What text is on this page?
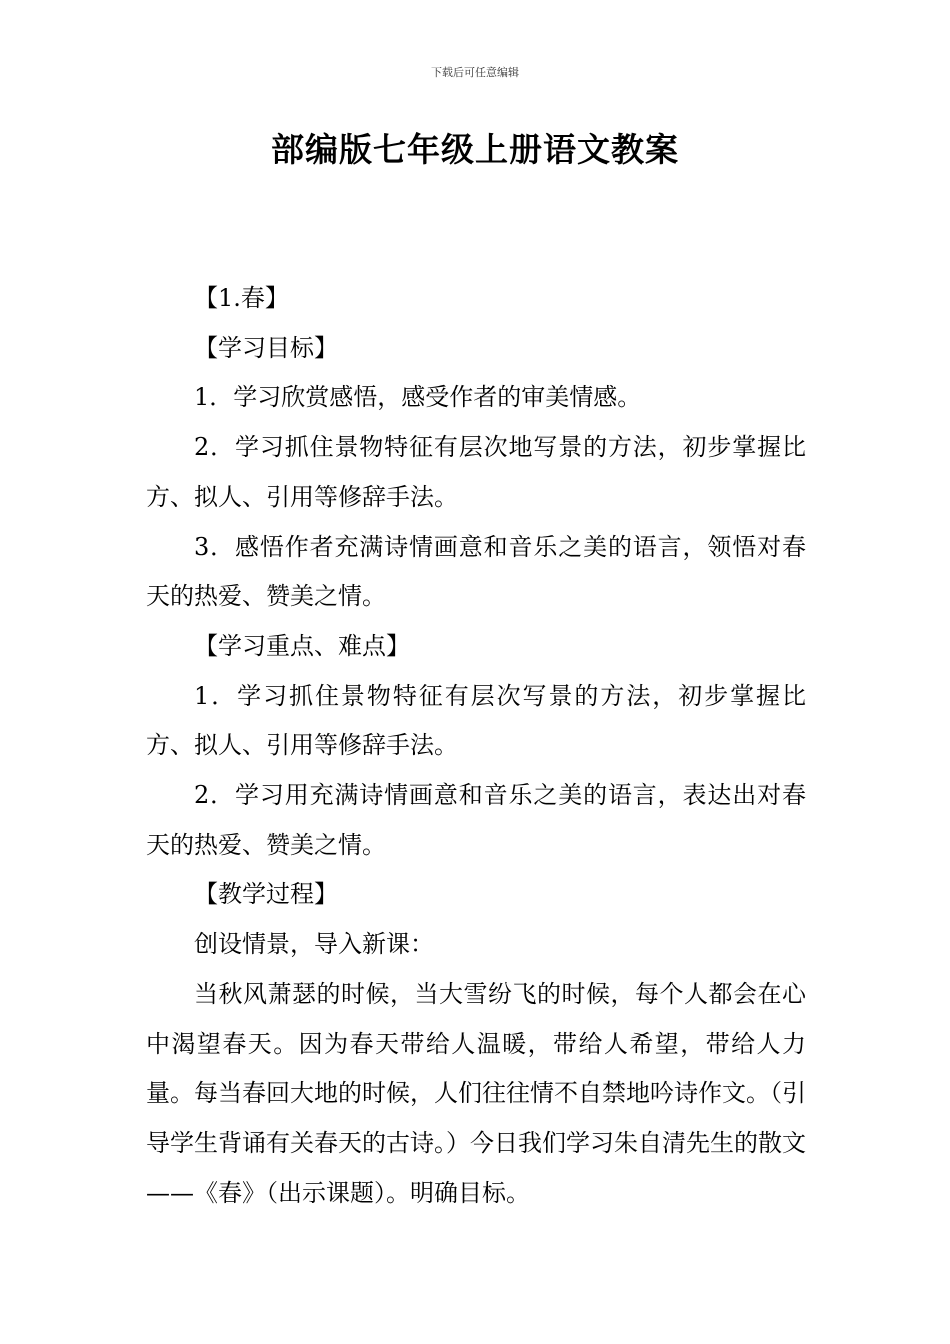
下载后可任意编辑
部编版七年级上册语文教案

【1.春】

【学习目标】

1．学习欣赏感悟，感受作者的审美情感。

2．学习抓住景物特征有层次地写景的方法，初步掌握比方、拟人、引用等修辞手法。

3．感悟作者充满诗情画意和音乐之美的语言，领悟对春天的热爱、赞美之情。

【学习重点、难点】

1．学习抓住景物特征有层次写景的方法，初步掌握比方、拟人、引用等修辞手法。

2．学习用充满诗情画意和音乐之美的语言，表达出对春天的热爱、赞美之情。

【教学过程】

创设情景，导入新课：

当秋风萧瑟的时候，当大雪纷飞的时候，每个人都会在心中渴望春天。因为春天带给人温暖，带给人希望，带给人力量。每当春回大地的时候，人们往往情不自禁地吟诗作文。（引导学生背诵有关春天的古诗。）今日我们学习朱自清先生的散文——《春》（出示课题）。明确目标。
